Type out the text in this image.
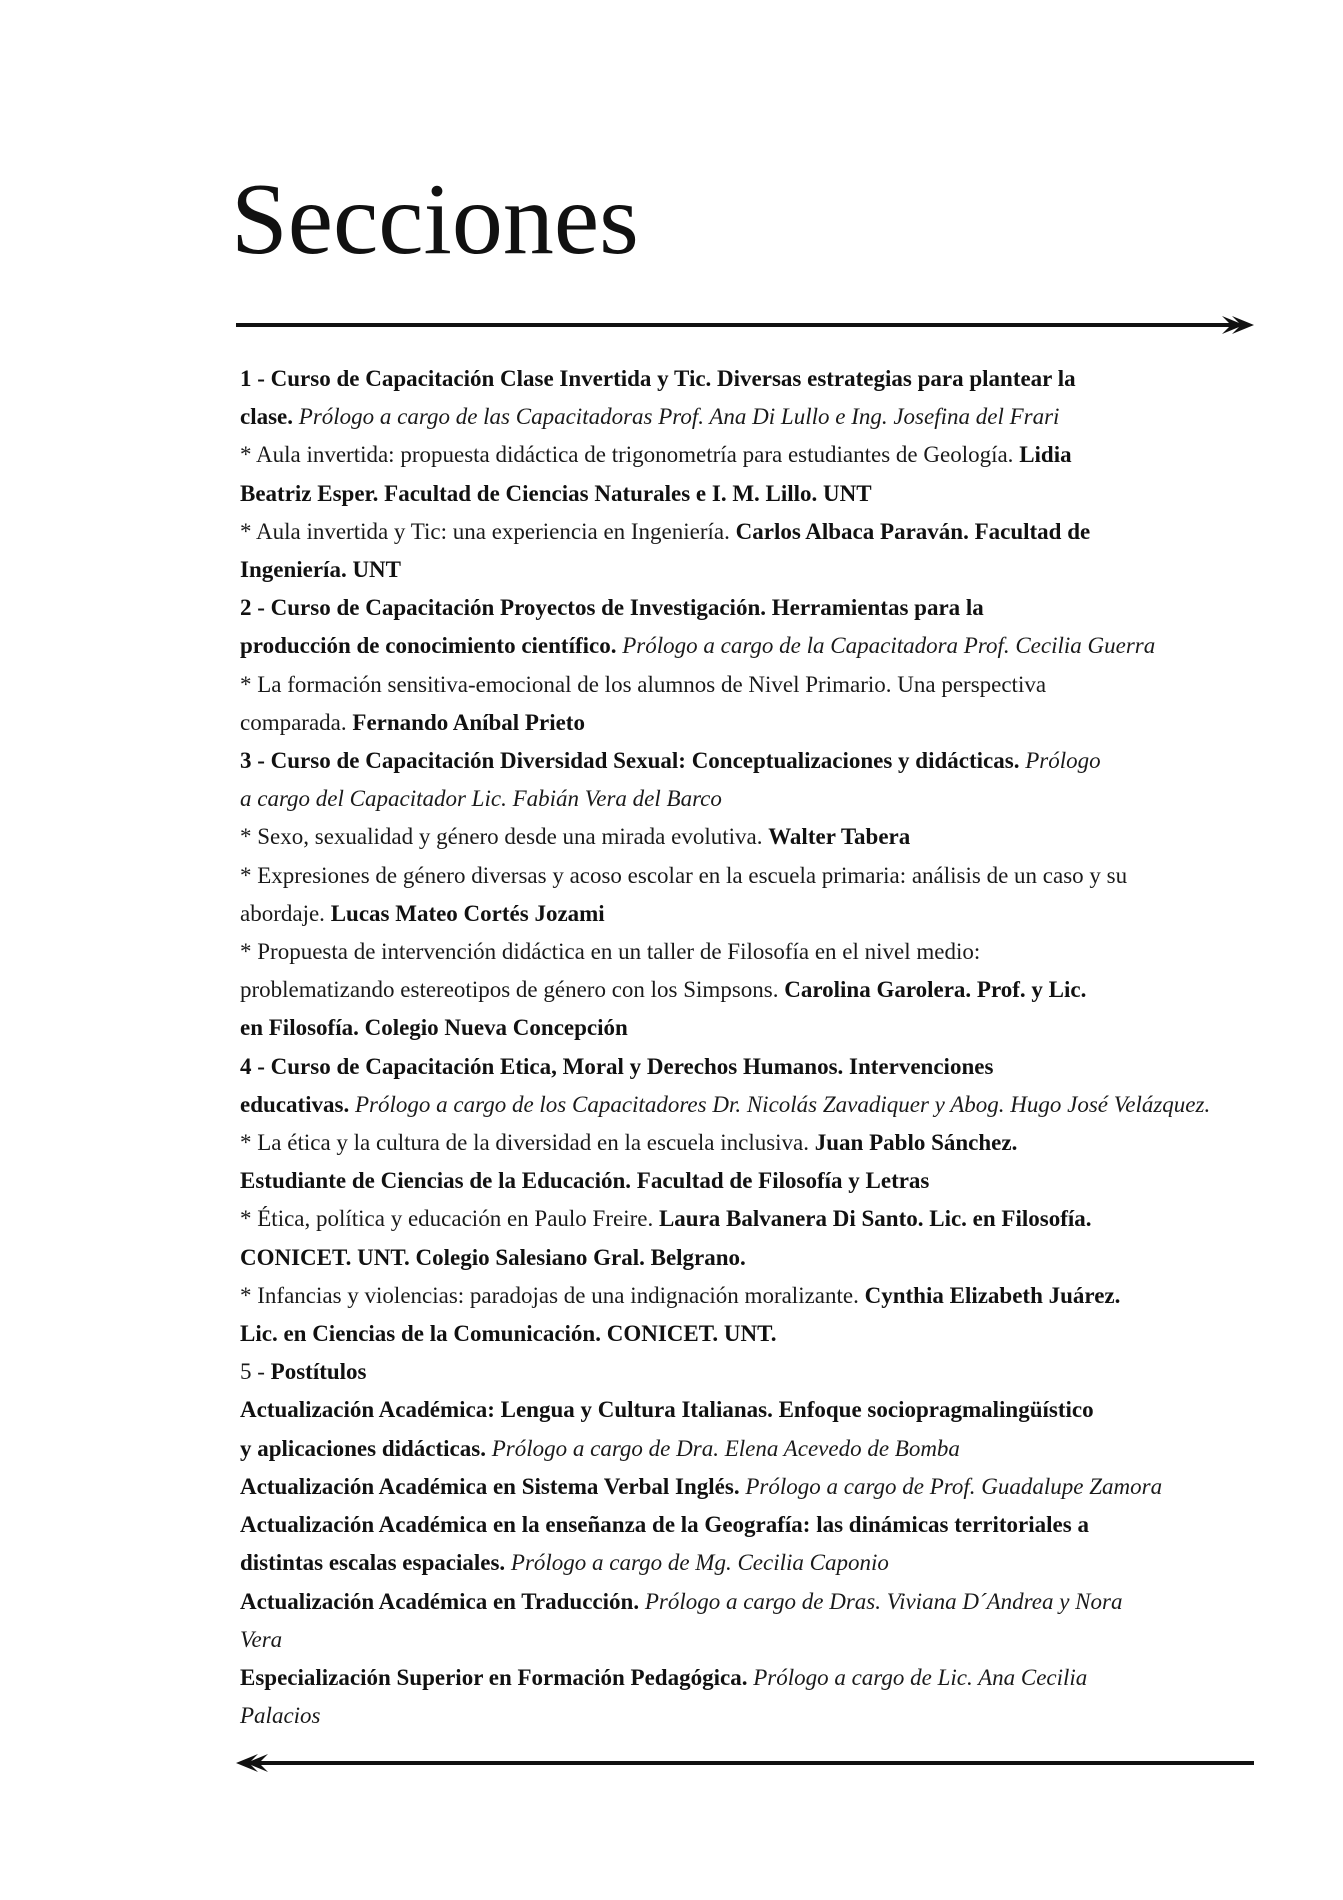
Secciones

1 - Curso de Capacitación Clase Invertida y Tic. Diversas estrategias para plantear la

clase. Prólogo a cargo de las Capacitadoras Prof. Ana Di Lullo e Ing. Josefina del Frari

* Aula invertida: propuesta didáctica de trigonometría para estudiantes de Geología. Lidia

Beatriz Esper. Facultad de Ciencias Naturales e I. M. Lillo. UNT

* Aula invertida y Tic: una experiencia en Ingeniería. Carlos Albaca Paraván. Facultad de

Ingeniería. UNT

2 - Curso de Capacitación Proyectos de Investigación. Herramientas para la

producción de conocimiento científico. Prólogo a cargo de la Capacitadora Prof. Cecilia Guerra

* La formación sensitiva-emocional de los alumnos de Nivel Primario. Una perspectiva

comparada. Fernando Aníbal Prieto

3 - Curso de Capacitación Diversidad Sexual: Conceptualizaciones y didácticas. Prólogo

a cargo del Capacitador Lic. Fabián Vera del Barco

* Sexo, sexualidad y género desde una mirada evolutiva. Walter Tabera

* Expresiones de género diversas y acoso escolar en la escuela primaria: análisis de un caso y su

abordaje. Lucas Mateo Cortés Jozami

* Propuesta de intervención didáctica en un taller de Filosofía en el nivel medio:

problematizando estereotipos de género con los Simpsons. Carolina Garolera. Prof. y Lic.

en Filosofía. Colegio Nueva Concepción

4 - Curso de Capacitación Etica, Moral y Derechos Humanos. Intervenciones

educativas. Prólogo a cargo de los Capacitadores Dr. Nicolás Zavadiquer y Abog. Hugo José Velázquez.

* La ética y la cultura de la diversidad en la escuela inclusiva. Juan Pablo Sánchez.

Estudiante de Ciencias de la Educación. Facultad de Filosofía y Letras

* Ética, política y educación en Paulo Freire. Laura Balvanera Di Santo. Lic. en Filosofía.

CONICET. UNT. Colegio Salesiano Gral. Belgrano.

* Infancias y violencias: paradojas de una indignación moralizante. Cynthia Elizabeth Juárez.

Lic. en Ciencias de la Comunicación. CONICET. UNT.

5 - Postítulos

Actualización Académica: Lengua y Cultura Italianas. Enfoque sociopragmalingüístico

y aplicaciones didácticas. Prólogo a cargo de Dra. Elena Acevedo de Bomba

Actualización Académica en Sistema Verbal Inglés. Prólogo a cargo de Prof. Guadalupe Zamora

Actualización Académica en la enseñanza de la Geografía: las dinámicas territoriales a

distintas escalas espaciales. Prólogo a cargo de Mg. Cecilia Caponio

Actualización Académica en Traducción. Prólogo a cargo de Dras. Viviana D´Andrea y Nora

Vera

Especialización Superior en Formación Pedagógica. Prólogo a cargo de Lic. Ana Cecilia

Palacios
